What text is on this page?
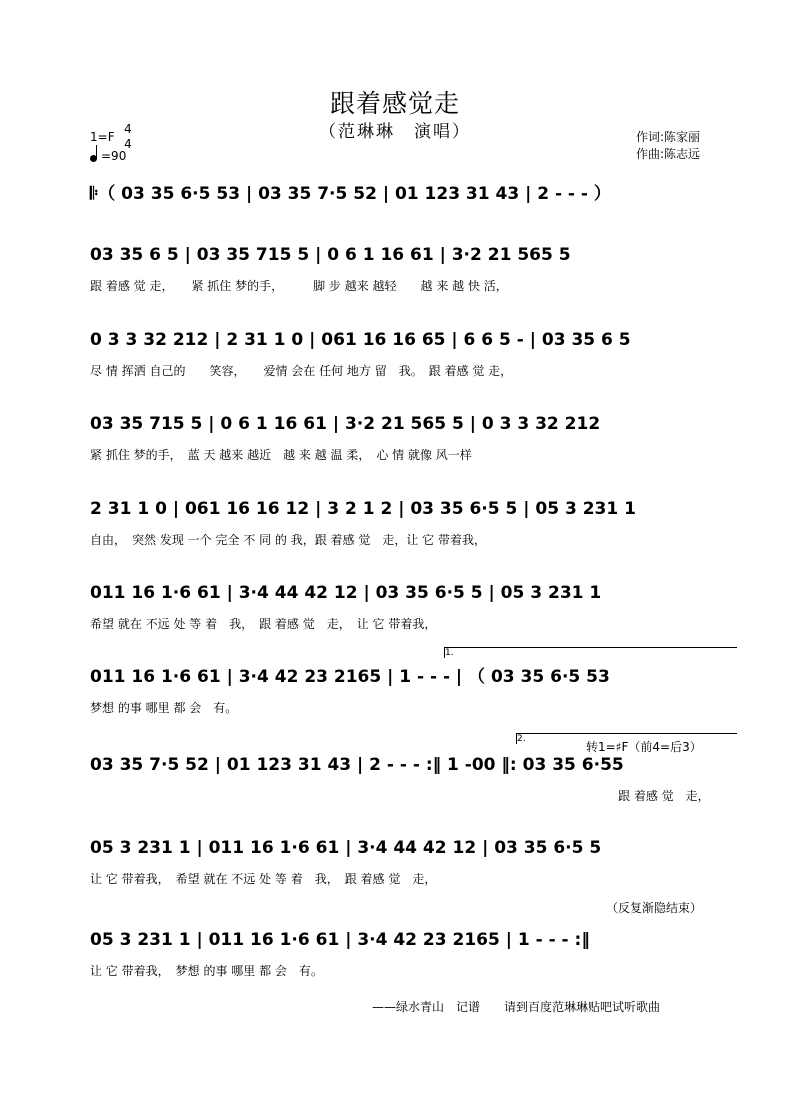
跟着感觉走
（范琳琳　演唱）	作词:陈家丽
作曲:陈志远
1=F
4
4
=90
𝄆（ 03 35 6·5 53 | 03 35 7·5 52 | 01 123 31 43 | 2 - - - ）
03 35 6 5 | 03 35 715 5 | 0 6 1 16 61 | 3·2 21 565 5
跟 着感 觉 走，　　紧 抓住 梦的手，　　　脚 步 越来 越轻　　越 来 越 快 活，
0 3 3 32 212 | 2 31 1 0 | 061 16 16 65 | 6 6 5 - | 03 35 6 5
尽 情 挥洒 自己的　　笑容，　　爱情 会在 任何 地方 留　我。　跟 着感 觉 走，
03 35 715 5 | 0 6 1 16 61 | 3·2 21 565 5 | 0 3 3 32 212
紧 抓住 梦的手，　蓝 天 越来 越近　越 来 越 温 柔，　心 情 就像 风一样
2 31 1 0 | 061 16 16 12 | 3 2 1 2 | 03 35 6·5 5 | 05 3 231 1
自由，　突然 发现 一个 完全 不 同 的 我，跟 着感 觉　走，让 它 带着我，
011 16 1·6 61 | 3·4 44 42 12 | 03 35 6·5 5 | 05 3 231 1
希望 就在 不远 处 等 着　我，　跟 着感 觉　走，　让 它 带着我，
1.
011 16 1·6 61 | 3·4 42 23 2165 | 1 - - - | （ 03 35 6·5 53
梦想 的事 哪里 都 会　有。
2.
转1=♯F（前4=后3）
03 35 7·5 52 | 01 123 31 43 | 2 - - - :‖ 1 -00 ‖: 03 35 6·55
跟 着感 觉　走，
05 3 231 1 | 011 16 1·6 61 | 3·4 44 42 12 | 03 35 6·5 5
让 它 带着我，　希望 就在 不远 处 等 着　我，　跟 着感 觉　走，
（反复渐隐结束）
05 3 231 1 | 011 16 1·6 61 | 3·4 42 23 2165 | 1 - - - :‖
让 它 带着我，　梦想 的事 哪里 都 会　有。
——绿水青山　记谱　　请到百度范琳琳贴吧试听歌曲
